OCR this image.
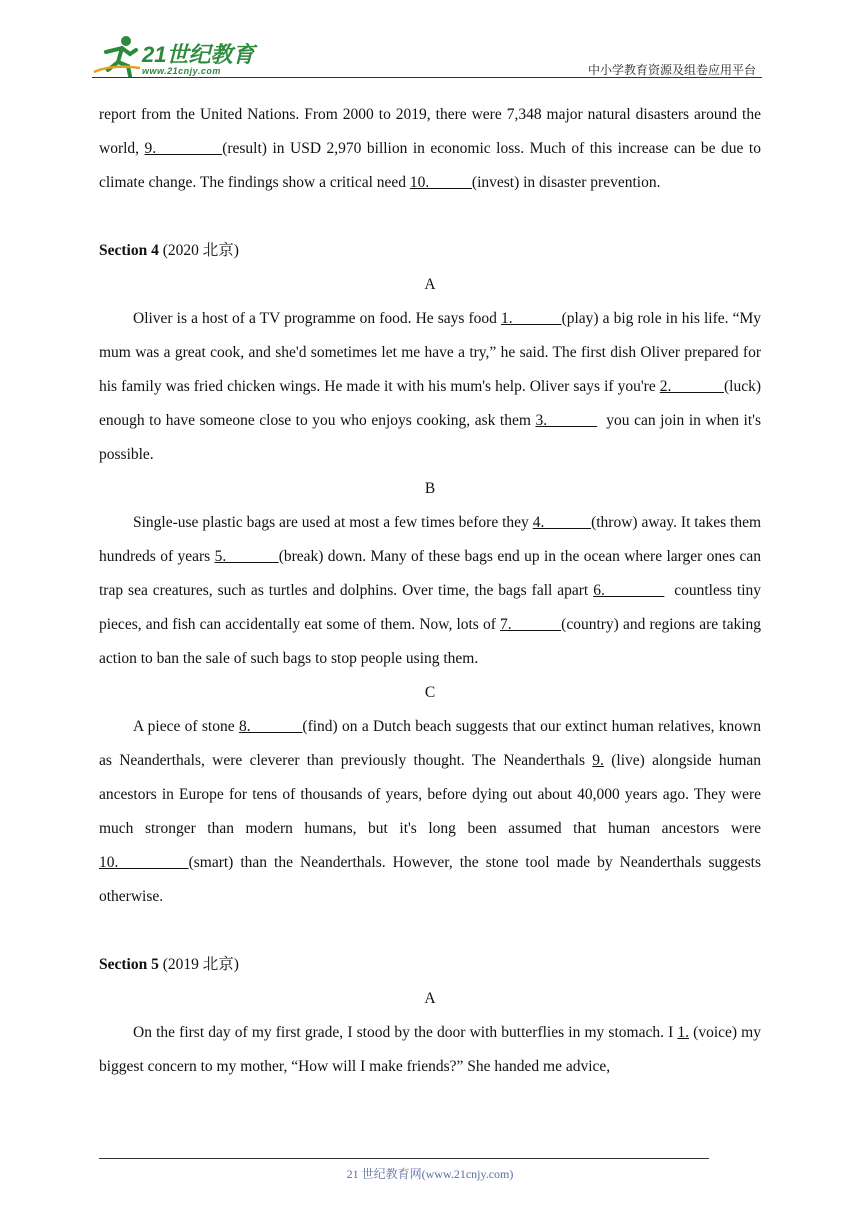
21世纪教育
www.21cnjy.com	中小学教育资源及组卷应用平台

report from the United Nations. From 2000 to 2019, there were 7,348 major natural disasters around the world, 9.            (result) in USD 2,970 billion in economic loss. Much of this increase can be due to climate change. The findings show a critical need 10.           (invest) in disaster prevention.

Section 4 (2020 北京)

A

Oliver is a host of a TV programme on food. He says food 1.            (play) a big role in his life. “My mum was a great cook, and she'd sometimes let me have a try,” he said. The first dish Oliver prepared for his family was fried chicken wings. He made it with his mum's help. Oliver says if you're 2.             (luck) enough to have someone close to you who enjoys cooking, ask them 3.             you can join in when it's possible.

B

Single-use plastic bags are used at most a few times before they 4.            (throw) away. It takes them hundreds of years 5.            (break) down. Many of these bags end up in the ocean where larger ones can trap sea creatures, such as turtles and dolphins. Over time, the bags fall apart 6.              countless tiny pieces, and fish can accidentally eat some of them. Now, lots of 7.            (country) and regions are taking action to ban the sale of such bags to stop people using them.

C

A piece of stone 8.            (find) on a Dutch beach suggests that our extinct human relatives, known as Neanderthals, were cleverer than previously thought. The Neanderthals 9. (live) alongside human ancestors in Europe for tens of thousands of years, before dying out about 40,000 years ago. They were much stronger than modern humans, but it's long been assumed that human ancestors were 10.          (smart) than the Neanderthals. However, the stone tool made by Neanderthals suggests otherwise.

Section 5 (2019 北京)

A

On the first day of my first grade, I stood by the door with butterflies in my stomach. I 1. (voice) my biggest concern to my mother, “How will I make friends?” She handed me advice,

21 世纪教育网(www.21cnjy.com)
